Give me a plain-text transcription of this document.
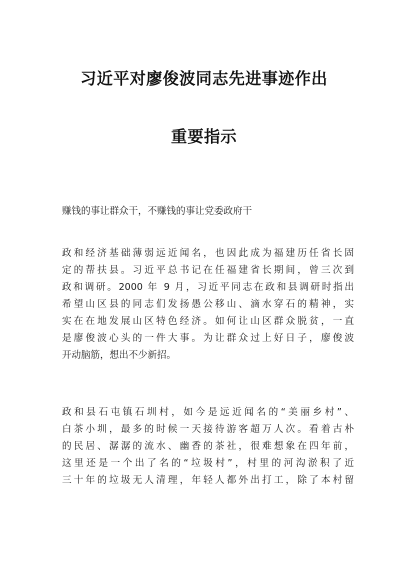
习近平对廖俊波同志先进事迹作出
重要指示
赚钱的事让群众干，不赚钱的事让党委政府干
政和经济基础薄弱远近闻名，也因此成为福建历任省长固
定的帮扶县。习近平总书记在任福建省长期间，曾三次到
政和调研。2000 年 9 月，习近平同志在政和县调研时指出
希望山区县的同志们发扬愚公移山、滴水穿石的精神，实
实在在地发展山区特色经济。如何让山区群众脱贫，一直
是廖俊波心头的一件大事。为让群众过上好日子，廖俊波
开动脑筋，想出不少新招。
政和县石屯镇石圳村，如今是远近闻名的“美丽乡村”、
白茶小圳，最多的时候一天接待游客超万人次。看着古朴
的民居、潺潺的流水、幽香的茶社，很难想象在四年前，
这里还是一个出了名的“垃圾村”，村里的河沟淤积了近
三十年的垃圾无人清理，年轻人都外出打工，除了本村留
